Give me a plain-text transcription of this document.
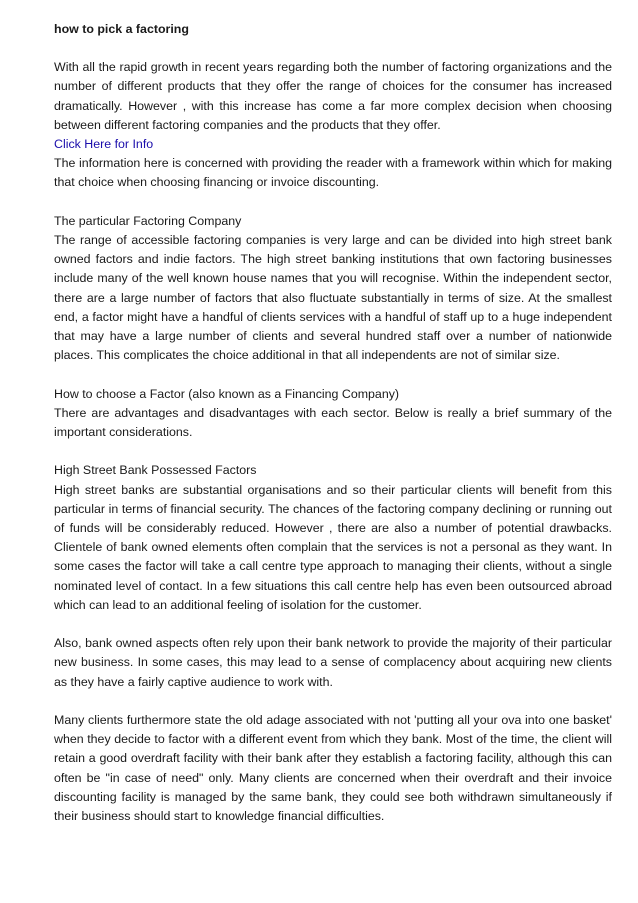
how to pick a factoring

With all the rapid growth in recent years regarding both the number of factoring organizations and the number of different products that they offer the range of choices for the consumer has increased dramatically. However , with this increase has come a far more complex decision when choosing between different factoring companies and the products that they offer.

Click Here for Info

The information here is concerned with providing the reader with a framework within which for making that choice when choosing financing or invoice discounting.

The particular Factoring Company

The range of accessible factoring companies is very large and can be divided into high street bank owned factors and indie factors. The high street banking institutions that own factoring businesses include many of the well known house names that you will recognise. Within the independent sector, there are a large number of factors that also fluctuate substantially in terms of size. At the smallest end, a factor might have a handful of clients services with a handful of staff up to a huge independent that may have a large number of clients and several hundred staff over a number of nationwide places. This complicates the choice additional in that all independents are not of similar size.

How to choose a Factor (also known as a Financing Company)

There are advantages and disadvantages with each sector. Below is really a brief summary of the important considerations.

High Street Bank Possessed Factors

High street banks are substantial organisations and so their particular clients will benefit from this particular in terms of financial security. The chances of the factoring company declining or running out of funds will be considerably reduced. However , there are also a number of potential drawbacks. Clientele of bank owned elements often complain that the services is not a personal as they want. In some cases the factor will take a call centre type approach to managing their clients, without a single nominated level of contact. In a few situations this call centre help has even been outsourced abroad which can lead to an additional feeling of isolation for the customer.

Also, bank owned aspects often rely upon their bank network to provide the majority of their particular new business. In some cases, this may lead to a sense of complacency about acquiring new clients as they have a fairly captive audience to work with.

Many clients furthermore state the old adage associated with not 'putting all your ova into one basket' when they decide to factor with a different event from which they bank. Most of the time, the client will retain a good overdraft facility with their bank after they establish a factoring facility, although this can often be "in case of need" only. Many clients are concerned when their overdraft and their invoice discounting facility is managed by the same bank, they could see both withdrawn simultaneously if their business should start to knowledge financial difficulties.
